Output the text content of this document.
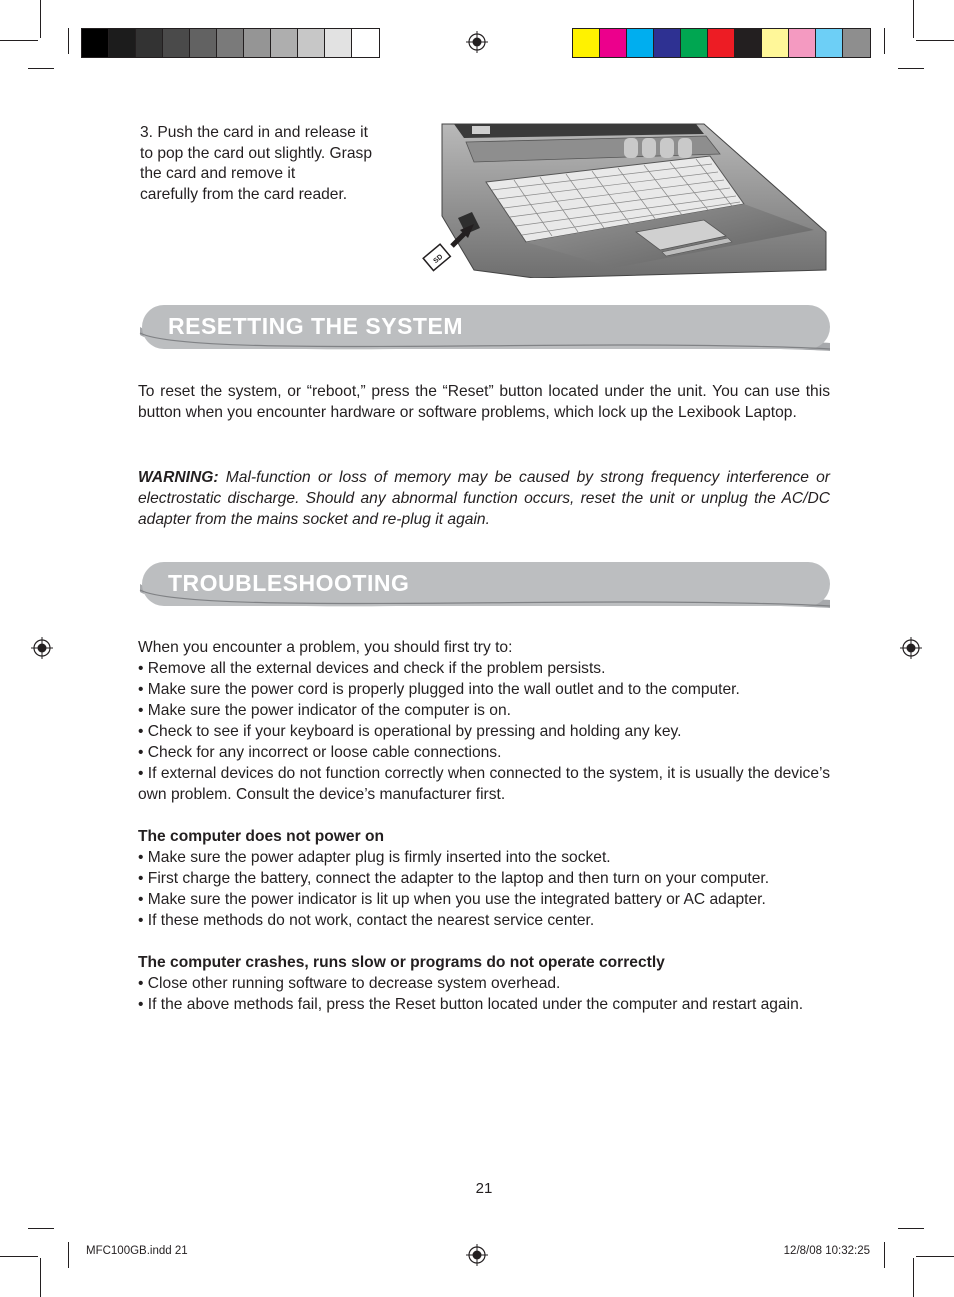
3. Push the card in and release it
to pop the card out slightly. Grasp
the card and remove it
carefully from the card reader.
SD
RESETTING THE SYSTEM
To reset the system, or “reboot,” press the “Reset” button located under the unit. You can use this button when you encounter hardware or software problems, which lock up the Lexibook Laptop.
WARNING: Mal-function or loss of memory may be caused by strong frequency interference or electrostatic discharge. Should any abnormal function occurs, reset the unit or unplug the AC/DC adapter from the mains socket and re-plug it again.
TROUBLESHOOTING
When you encounter a problem, you should first try to:
• Remove all the external devices and check if the problem persists.
• Make sure the power cord is properly plugged into the wall outlet and to the computer.
• Make sure the power indicator of the computer is on.
• Check to see if your keyboard is operational by pressing and holding any key.
• Check for any incorrect or loose cable connections.
• If external devices do not function correctly when connected to the system, it is usually the device’s own problem. Consult the device’s manufacturer first.
The computer does not power on
• Make sure the power adapter plug is firmly inserted into the socket.
• First charge the battery, connect the adapter to the laptop and then turn on your computer.
• Make sure the power indicator is lit up when you use the integrated battery or AC adapter.
• If these methods do not work, contact the nearest service center.
The computer crashes, runs slow or programs do not operate correctly
• Close other running software to decrease system overhead.
• If the above methods fail, press the Reset button located under the computer and restart again.
21
MFC100GB.indd 21	12/8/08 10:32:25
